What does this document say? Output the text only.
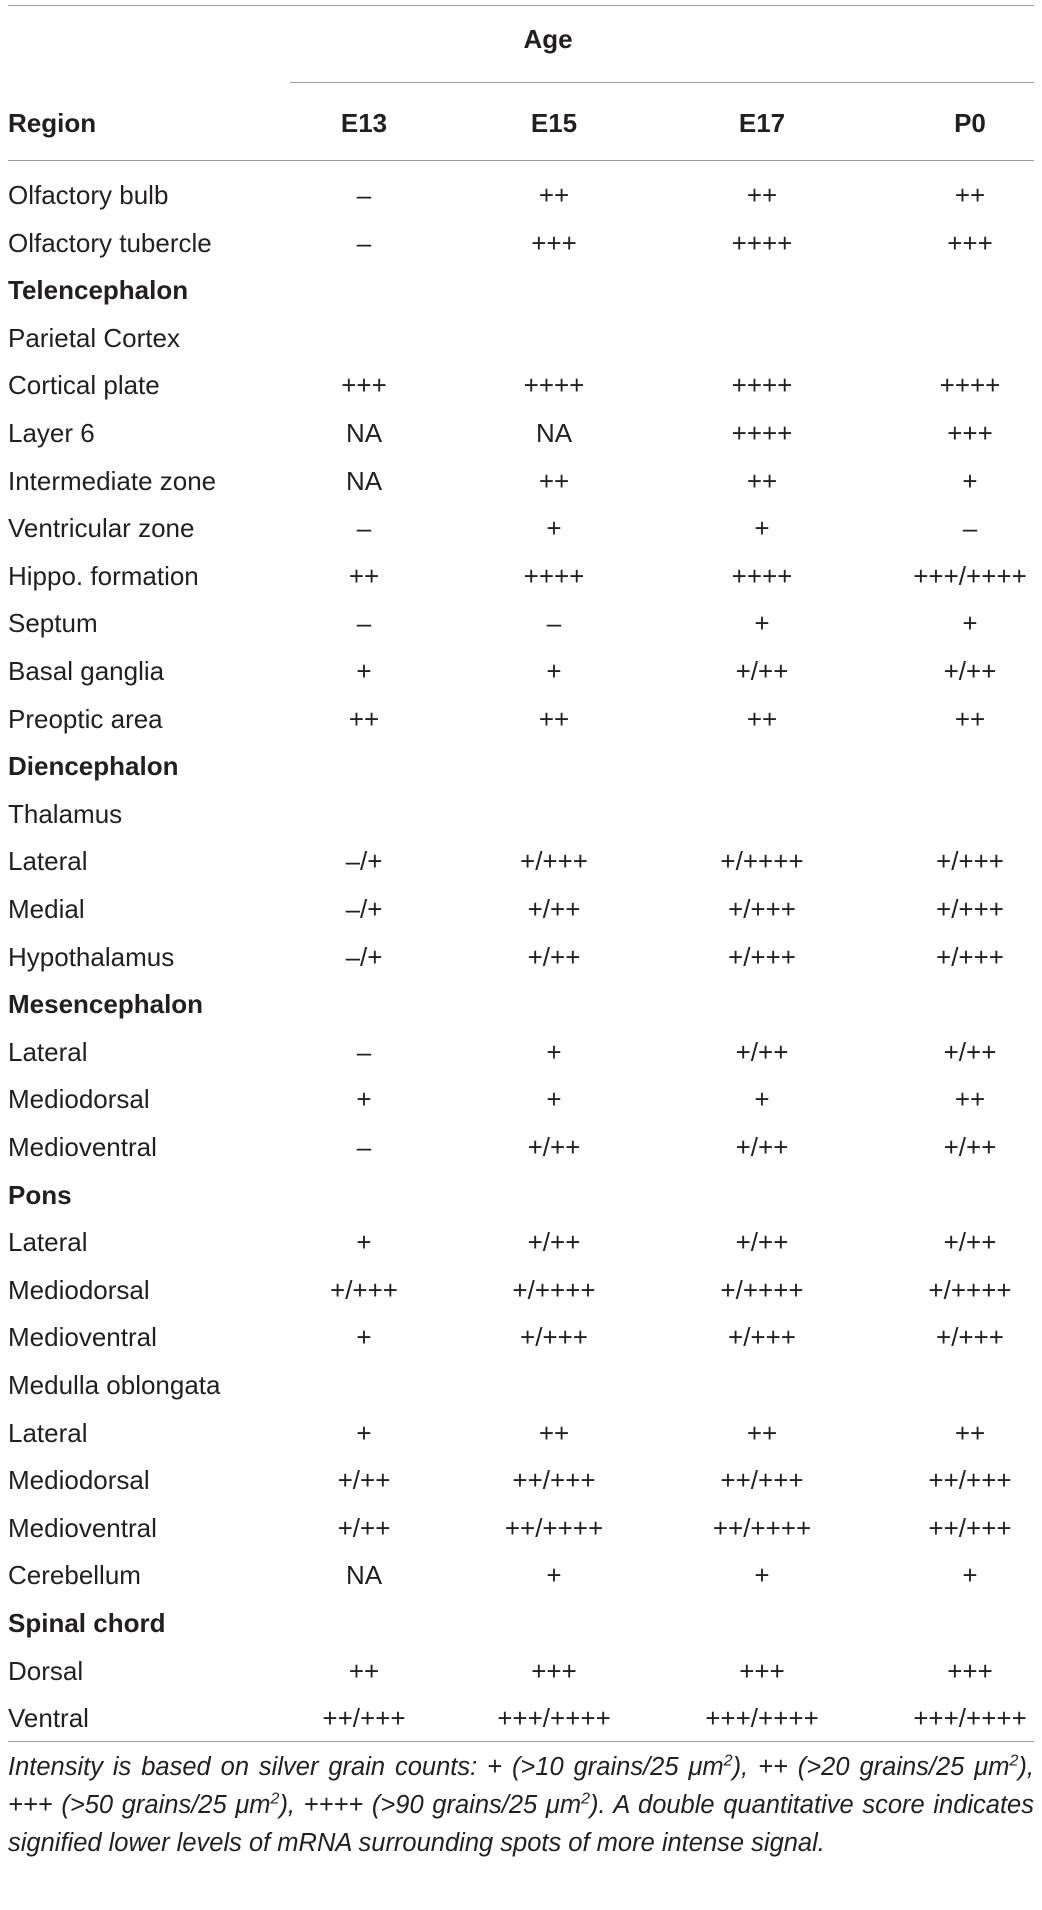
Age
Region	E13	E15	E17	P0
Olfactory bulb	–	++	++	++
Olfactory tubercle	–	+++	++++	+++
Telencephalon
Parietal Cortex
Cortical plate	+++	++++	++++	++++
Layer 6	NA	NA	++++	+++
Intermediate zone	NA	++	++	+
Ventricular zone	–	+	+	–
Hippo. formation	++	++++	++++	+++/++++
Septum	–	–	+	+
Basal ganglia	+	+	+/++	+/++
Preoptic area	++	++	++	++
Diencephalon
Thalamus
Lateral	–/+	+/+++	+/++++	+/+++
Medial	–/+	+/++	+/+++	+/+++
Hypothalamus	–/+	+/++	+/+++	+/+++
Mesencephalon
Lateral	–	+	+/++	+/++
Mediodorsal	+	+	+	++
Medioventral	–	+/++	+/++	+/++
Pons
Lateral	+	+/++	+/++	+/++
Mediodorsal	+/+++	+/++++	+/++++	+/++++
Medioventral	+	+/+++	+/+++	+/+++
Medulla oblongata
Lateral	+	++	++	++
Mediodorsal	+/++	++/+++	++/+++	++/+++
Medioventral	+/++	++/++++	++/++++	++/+++
Cerebellum	NA	+	+	+
Spinal chord
Dorsal	++	+++	+++	+++
Ventral	++/+++	+++/++++	+++/++++	+++/++++
Intensity is based on silver grain counts: + (>10 grains/25 $\mu m^2$), ++ (>20 grains/25 $\mu m^2$), +++ (>50 grains/25 $\mu m^2$), ++++ (>90 grains/25 $\mu m^2$). A double quantitative score indicates signified lower levels of mRNA surrounding spots of more intense signal.
